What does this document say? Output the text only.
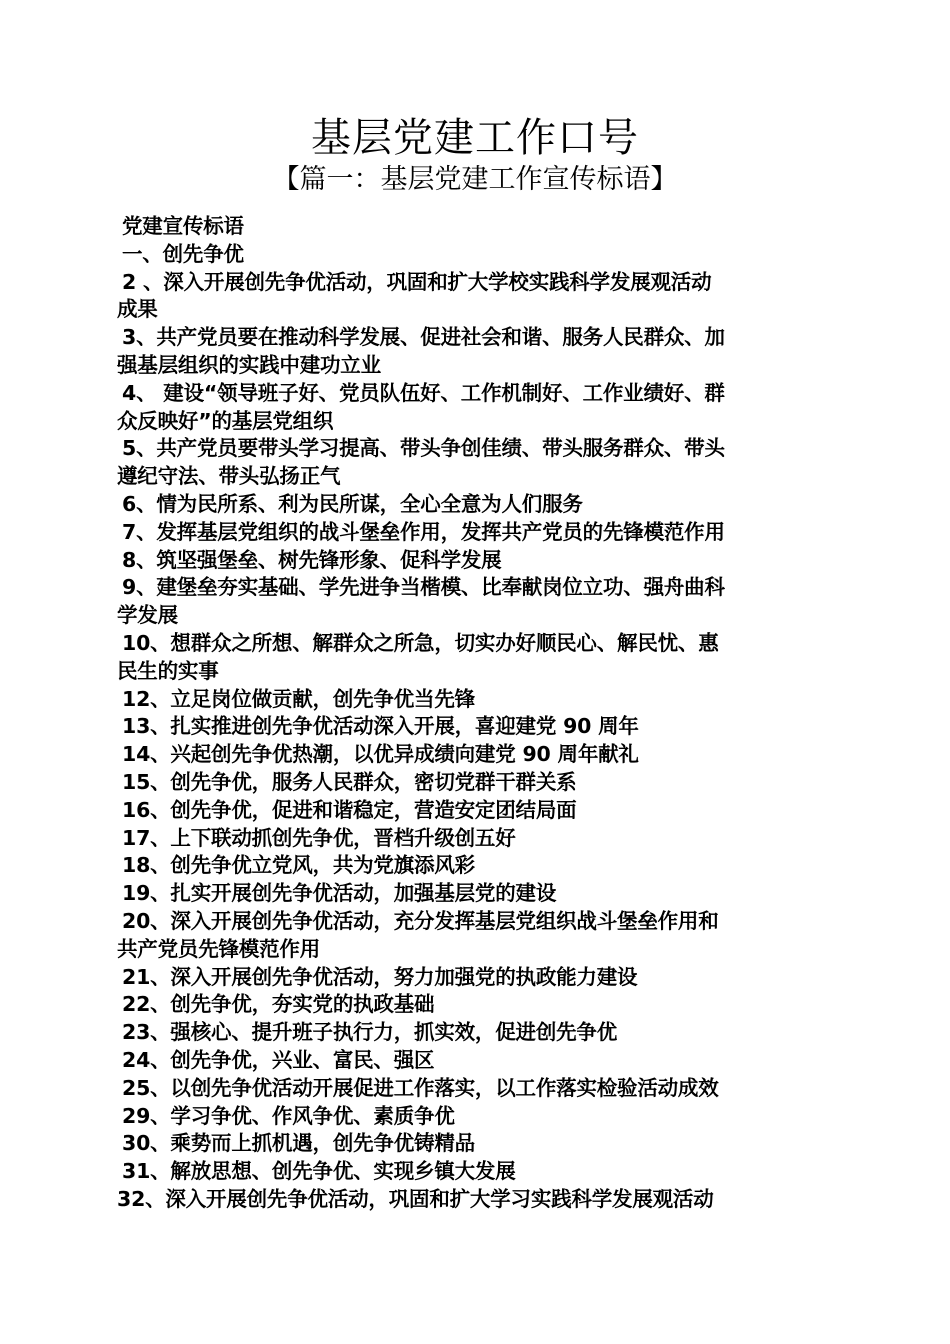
基层党建工作口号
【篇一：基层党建工作宣传标语】
党建宣传标语
一、创先争优
2 、深入开展创先争优活动，巩固和扩大学校实践科学发展观活动
成果
3、共产党员要在推动科学发展、促进社会和谐、服务人民群众、加
强基层组织的实践中建功立业
4、 建设“领导班子好、党员队伍好、工作机制好、工作业绩好、群
众反映好”的基层党组织
5、共产党员要带头学习提高、带头争创佳绩、带头服务群众、带头
遵纪守法、带头弘扬正气
6、情为民所系、利为民所谋，全心全意为人们服务
7、发挥基层党组织的战斗堡垒作用，发挥共产党员的先锋模范作用
8、筑坚强堡垒、树先锋形象、促科学发展
9、建堡垒夯实基础、学先进争当楷模、比奉献岗位立功、强舟曲科
学发展
10、想群众之所想、解群众之所急，切实办好顺民心、解民忧、惠
民生的实事
12、立足岗位做贡献，创先争优当先锋
13、扎实推进创先争优活动深入开展，喜迎建党 90 周年
14、兴起创先争优热潮，以优异成绩向建党 90 周年献礼
15、创先争优，服务人民群众，密切党群干群关系
16、创先争优，促进和谐稳定，营造安定团结局面
17、上下联动抓创先争优，晋档升级创五好
18、创先争优立党风，共为党旗添风彩
19、扎实开展创先争优活动，加强基层党的建设
20、深入开展创先争优活动，充分发挥基层党组织战斗堡垒作用和
共产党员先锋模范作用
21、深入开展创先争优活动，努力加强党的执政能力建设
22、创先争优，夯实党的执政基础
23、强核心、提升班子执行力，抓实效，促进创先争优
24、创先争优，兴业、富民、强区
25、以创先争优活动开展促进工作落实，以工作落实检验活动成效
29、学习争优、作风争优、素质争优
30、乘势而上抓机遇，创先争优铸精品
31、解放思想、创先争优、实现乡镇大发展
32、深入开展创先争优活动，巩固和扩大学习实践科学发展观活动
